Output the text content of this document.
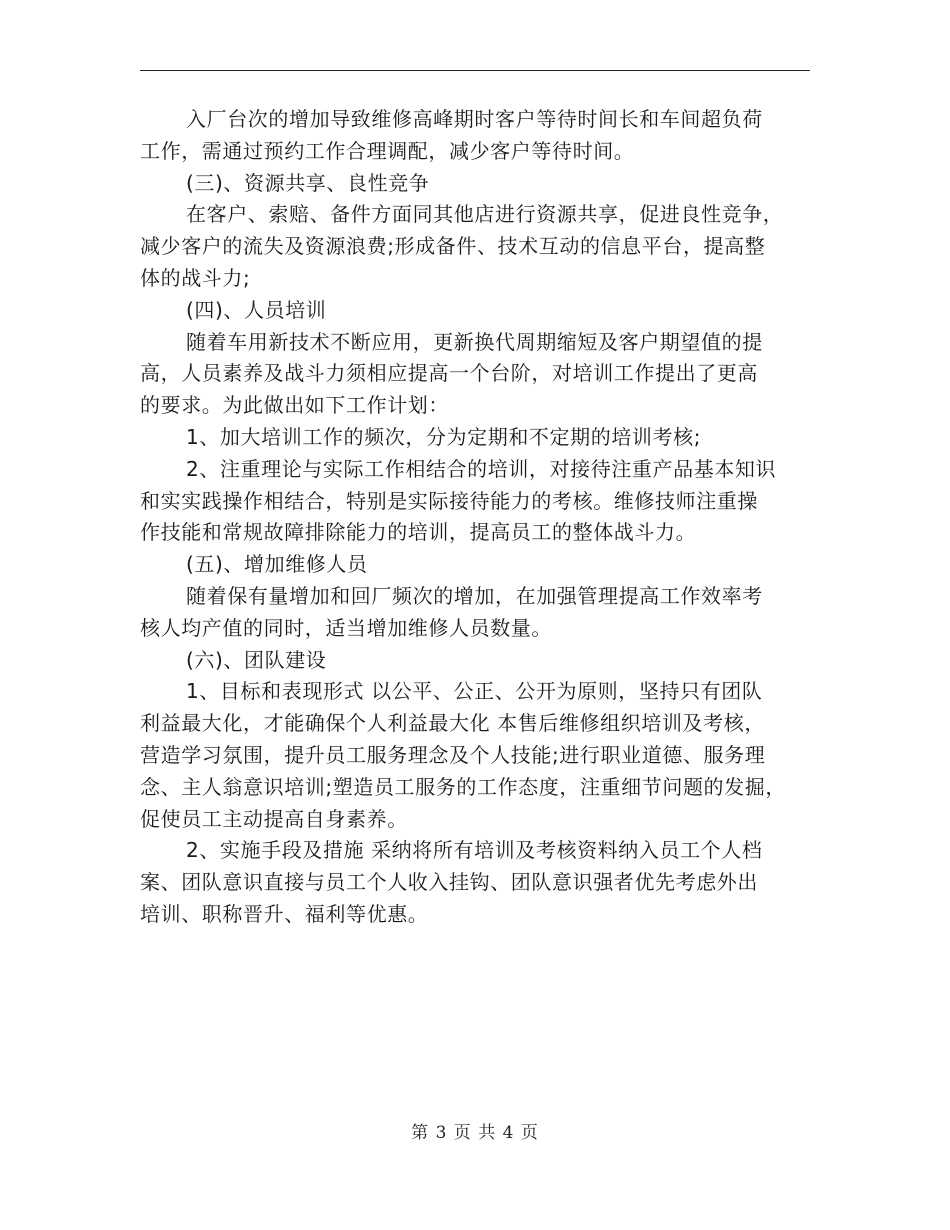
入厂台次的增加导致维修高峰期时客户等待时间长和车间超负荷
工作，需通过预约工作合理调配，减少客户等待时间。
(三)、资源共享、良性竞争
在客户、索赔、备件方面同其他店进行资源共享，促进良性竞争，
减少客户的流失及资源浪费;形成备件、技术互动的信息平台，提高整
体的战斗力;
(四)、人员培训
随着车用新技术不断应用，更新换代周期缩短及客户期望值的提
高，人员素养及战斗力须相应提高一个台阶，对培训工作提出了更高
的要求。为此做出如下工作计划：
1、加大培训工作的频次，分为定期和不定期的培训考核;
2、注重理论与实际工作相结合的培训，对接待注重产品基本知识
和实实践操作相结合，特别是实际接待能力的考核。维修技师注重操
作技能和常规故障排除能力的培训，提高员工的整体战斗力。
(五)、增加维修人员
随着保有量增加和回厂频次的增加，在加强管理提高工作效率考
核人均产值的同时，适当增加维修人员数量。
(六)、团队建设
1、目标和表现形式 以公平、公正、公开为原则，坚持只有团队
利益最大化，才能确保个人利益最大化 本售后维修组织培训及考核，
营造学习氛围，提升员工服务理念及个人技能;进行职业道德、服务理
念、主人翁意识培训;塑造员工服务的工作态度，注重细节问题的发掘，
促使员工主动提高自身素养。
2、实施手段及措施 采纳将所有培训及考核资料纳入员工个人档
案、团队意识直接与员工个人收入挂钩、团队意识强者优先考虑外出
培训、职称晋升、福利等优惠。
第 3 页 共 4 页
